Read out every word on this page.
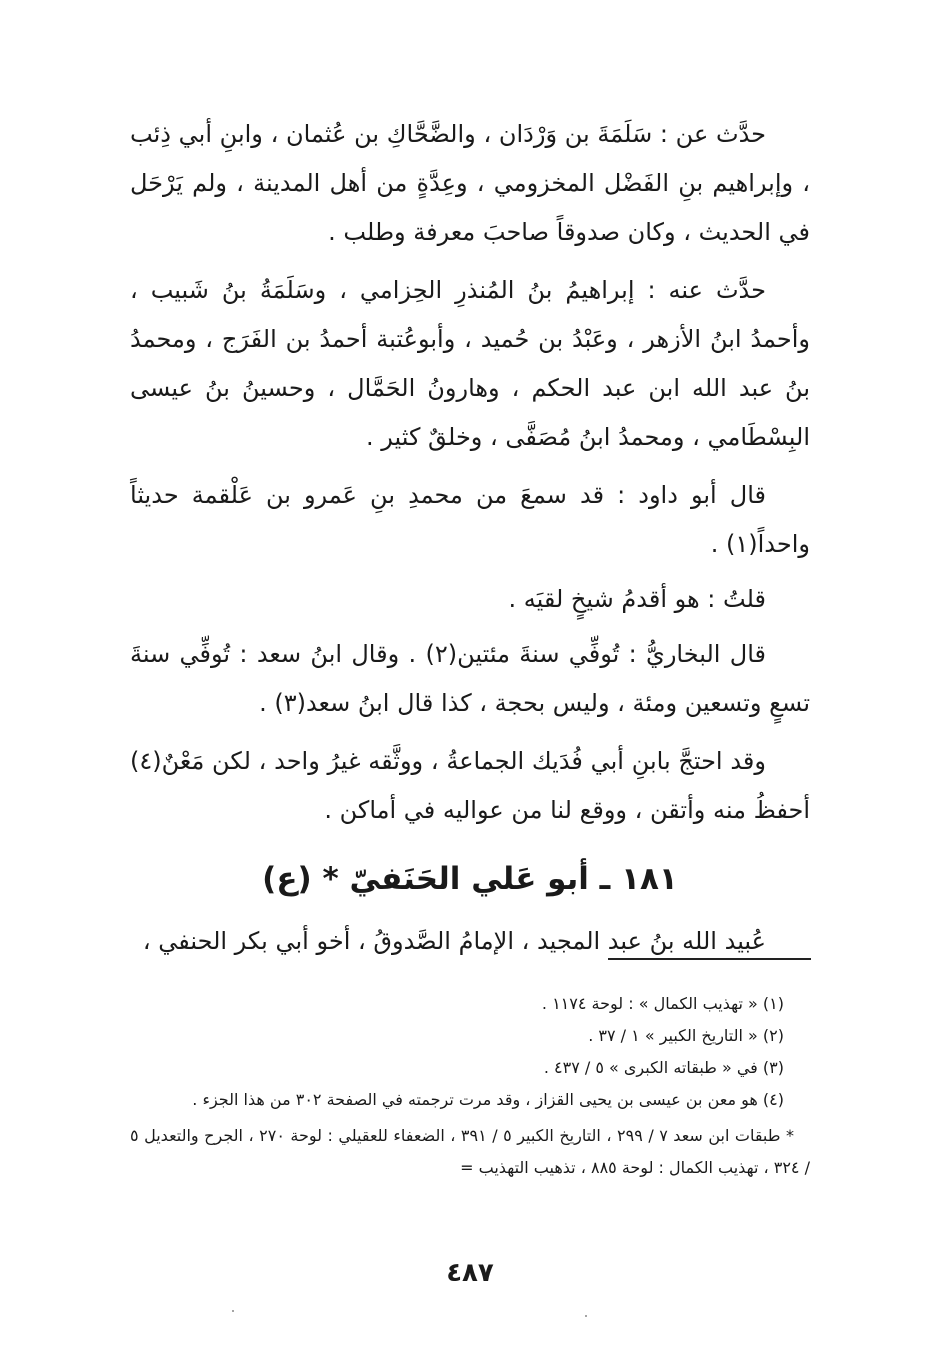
حدَّث عن : سَلَمَةَ بن وَرْدَان ، والضَّحَّاكِ بن عُثمان ، وابنِ أبي ذِئب ، وإبراهيم بنِ الفَضْل المخزومي ، وعِدَّةٍ من أهل المدينة ، ولم يَرْحَل في الحديث ، وكان صدوقاً صاحبَ معرفة وطلب .

حدَّث عنه : إبراهيمُ بنُ المُنذرِ الحِزامي ، وسَلَمَةُ بنُ شَبيب ، وأحمدُ ابنُ الأزهر ، وعَبْدُ بن حُميد ، وأبوعُتبة أحمدُ بن الفَرَج ، ومحمدُ بنُ عبد الله ابن عبد الحكم ، وهارونُ الحَمَّال ، وحسينُ بنُ عيسى البِسْطَامي ، ومحمدُ ابنُ مُصَفَّى ، وخلقٌ كثير .

قال أبو داود : قد سمعَ من محمدِ بنِ عَمرو بن عَلْقمة حديثاً واحداً(١) .

قلتُ : هو أقدمُ شيخٍ لقيَه .

قال البخاريُّ : تُوفِّي سنةَ مئتين(٢) . وقال ابنُ سعد : تُوفِّي سنةَ تسعٍ وتسعين ومئة ، وليس بحجة ، كذا قال ابنُ سعد(٣) .

وقد احتجَّ بابنِ أبي فُدَيك الجماعةُ ، ووثَّقه غيرُ واحد ، لكن مَعْنٌ(٤) أحفظُ منه وأتقن ، ووقع لنا من عواليه في أماكن .

١٨١ ـ أبو عَلي الحَنَفيّ * (ع)

عُبيد الله بنُ عبد المجيد ، الإمامُ الصَّدوقُ ، أخو أبي بكر الحنفي ،

(١) « تهذيب الكمال » : لوحة ١١٧٤ .

(٢) « التاريخ الكبير » ١ / ٣٧ .

(٣) في « طبقاته الكبرى » ٥ / ٤٣٧ .

(٤) هو معن بن عيسى بن يحيى القزاز ، وقد مرت ترجمته في الصفحة ٣٠٢ من هذا الجزء .

* طبقات ابن سعد ٧ / ٢٩٩ ، التاريخ الكبير ٥ / ٣٩١ ، الضعفاء للعقيلي : لوحة ٢٧٠ ، الجرح والتعديل ٥ / ٣٢٤ ، تهذيب الكمال : لوحة ٨٨٥ ، تذهيب التهذيب =

٤٨٧
